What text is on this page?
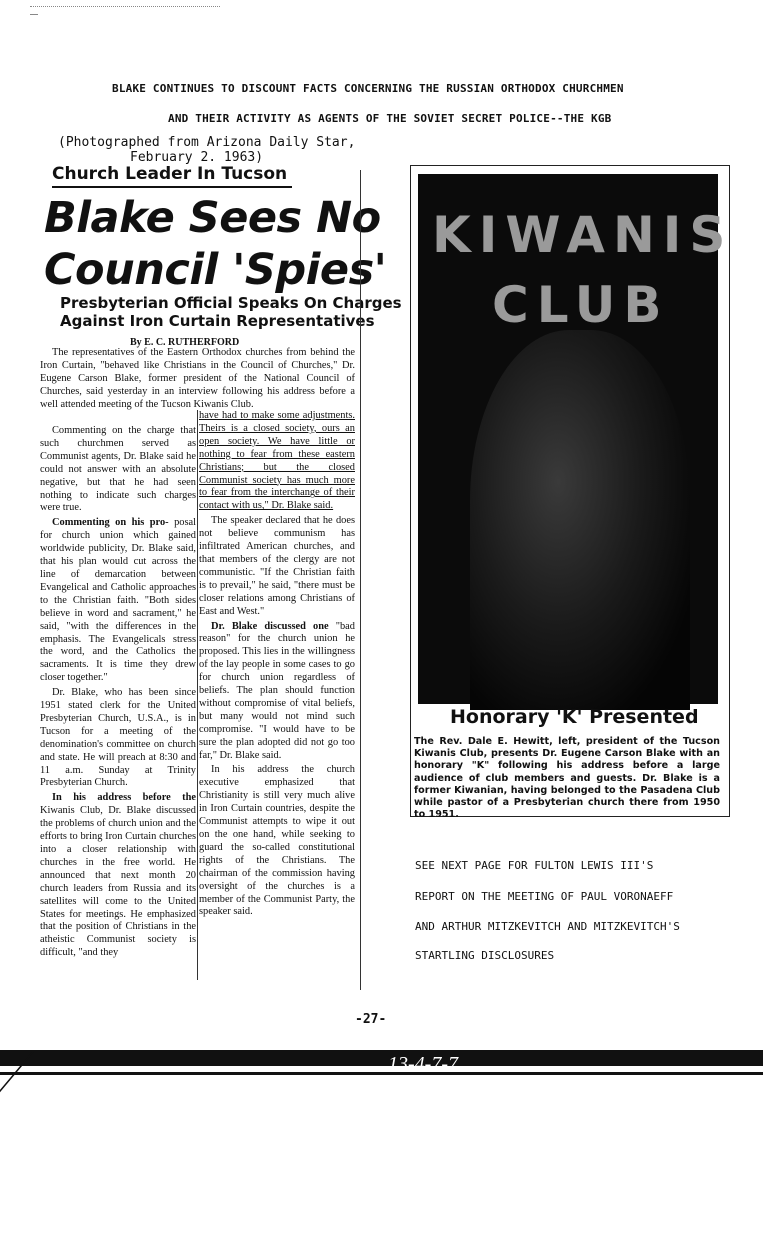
BLAKE CONTINUES TO DISCOUNT FACTS CONCERNING THE RUSSIAN ORTHODOX CHURCHMEN
AND THEIR ACTIVITY AS AGENTS OF THE SOVIET SECRET POLICE--THE KGB
(Photographed from Arizona Daily Star,
February 2. 1963)
Church Leader In Tucson
Blake Sees No
Council 'Spies'
Presbyterian Official Speaks On Charges
Against Iron Curtain Representatives
By E. C. RUTHERFORD

The representatives of the Eastern Orthodox churches from behind the Iron Curtain, "behaved like Christians in the Council of Churches," Dr. Eugene Carson Blake, former president of the National Council of Churches, said yesterday in an interview following his address before a well attended meeting of the Tucson Kiwanis Club.

Commenting on the charge that such churchmen served as Communist agents, Dr. Blake said he could not answer with an absolute negative, but that he had seen nothing to indicate such charges were true.

Commenting on his pro- posal for church union which gained worldwide publicity, Dr. Blake said, that his plan would cut across the line of demarcation between Evangelical and Catholic approaches to the Christian faith. "Both sides believe in word and sacrament," he said, "with the differences in the emphasis. The Evangelicals stress the word, and the Catholics the sacraments. It is time they drew closer together."

Dr. Blake, who has been since 1951 stated clerk for the United Presbyterian Church, U.S.A., is in Tucson for a meeting of the denomination's committee on church and state. He will preach at 8:30 and 11 a.m. Sunday at Trinity Presbyterian Church.

In his address before the Kiwanis Club, Dr. Blake discussed the problems of church union and the efforts to bring Iron Curtain churches into a closer relationship with churches in the free world. He announced that next month 20 church leaders from Russia and its satellites will come to the United States for meetings. He emphasized that the position of Christians in the atheistic Communist society is difficult, "and they

have had to make some adjustments. Theirs is a closed society, ours an open society. We have little or nothing to fear from these eastern Christians; but the closed Communist society has much more to fear from the interchange of their contact with us," Dr. Blake said.

The speaker declared that he does not believe communism has infiltrated American churches, and that members of the clergy are not communistic. "If the Christian faith is to prevail," he said, "there must be closer relations among Christians of East and West."

Dr. Blake discussed one "bad reason" for the church union he proposed. This lies in the willingness of the lay people in some cases to go for church union regardless of beliefs. The plan should function without compromise of vital beliefs, but many would not mind such compromise. "I would have to be sure the plan adopted did not go too far," Dr. Blake said.

In his address the church executive emphasized that Christianity is still very much alive in Iron Curtain countries, despite the Communist attempts to wipe it out on the one hand, while seeking to guard the so-called constitutional rights of the Christians. The chairman of the commission having oversight of the churches is a member of the Communist Party, the speaker said.

KIWANIS
CLUB
Honorary 'K' Presented
The Rev. Dale E. Hewitt, left, president of the Tucson Kiwanis Club, presents Dr. Eugene Carson Blake with an honorary "K" following his address before a large audience of club members and guests. Dr. Blake is a former Kiwanian, having belonged to the Pasadena Club while pastor of a Presbyterian church there from 1950 to 1951.
SEE NEXT PAGE FOR FULTON LEWIS III'S
REPORT ON THE MEETING OF PAUL VORONAEFF
AND ARTHUR MITZKEVITCH AND MITZKEVITCH'S
STARTLING DISCLOSURES
-27-
13-4-7-7
